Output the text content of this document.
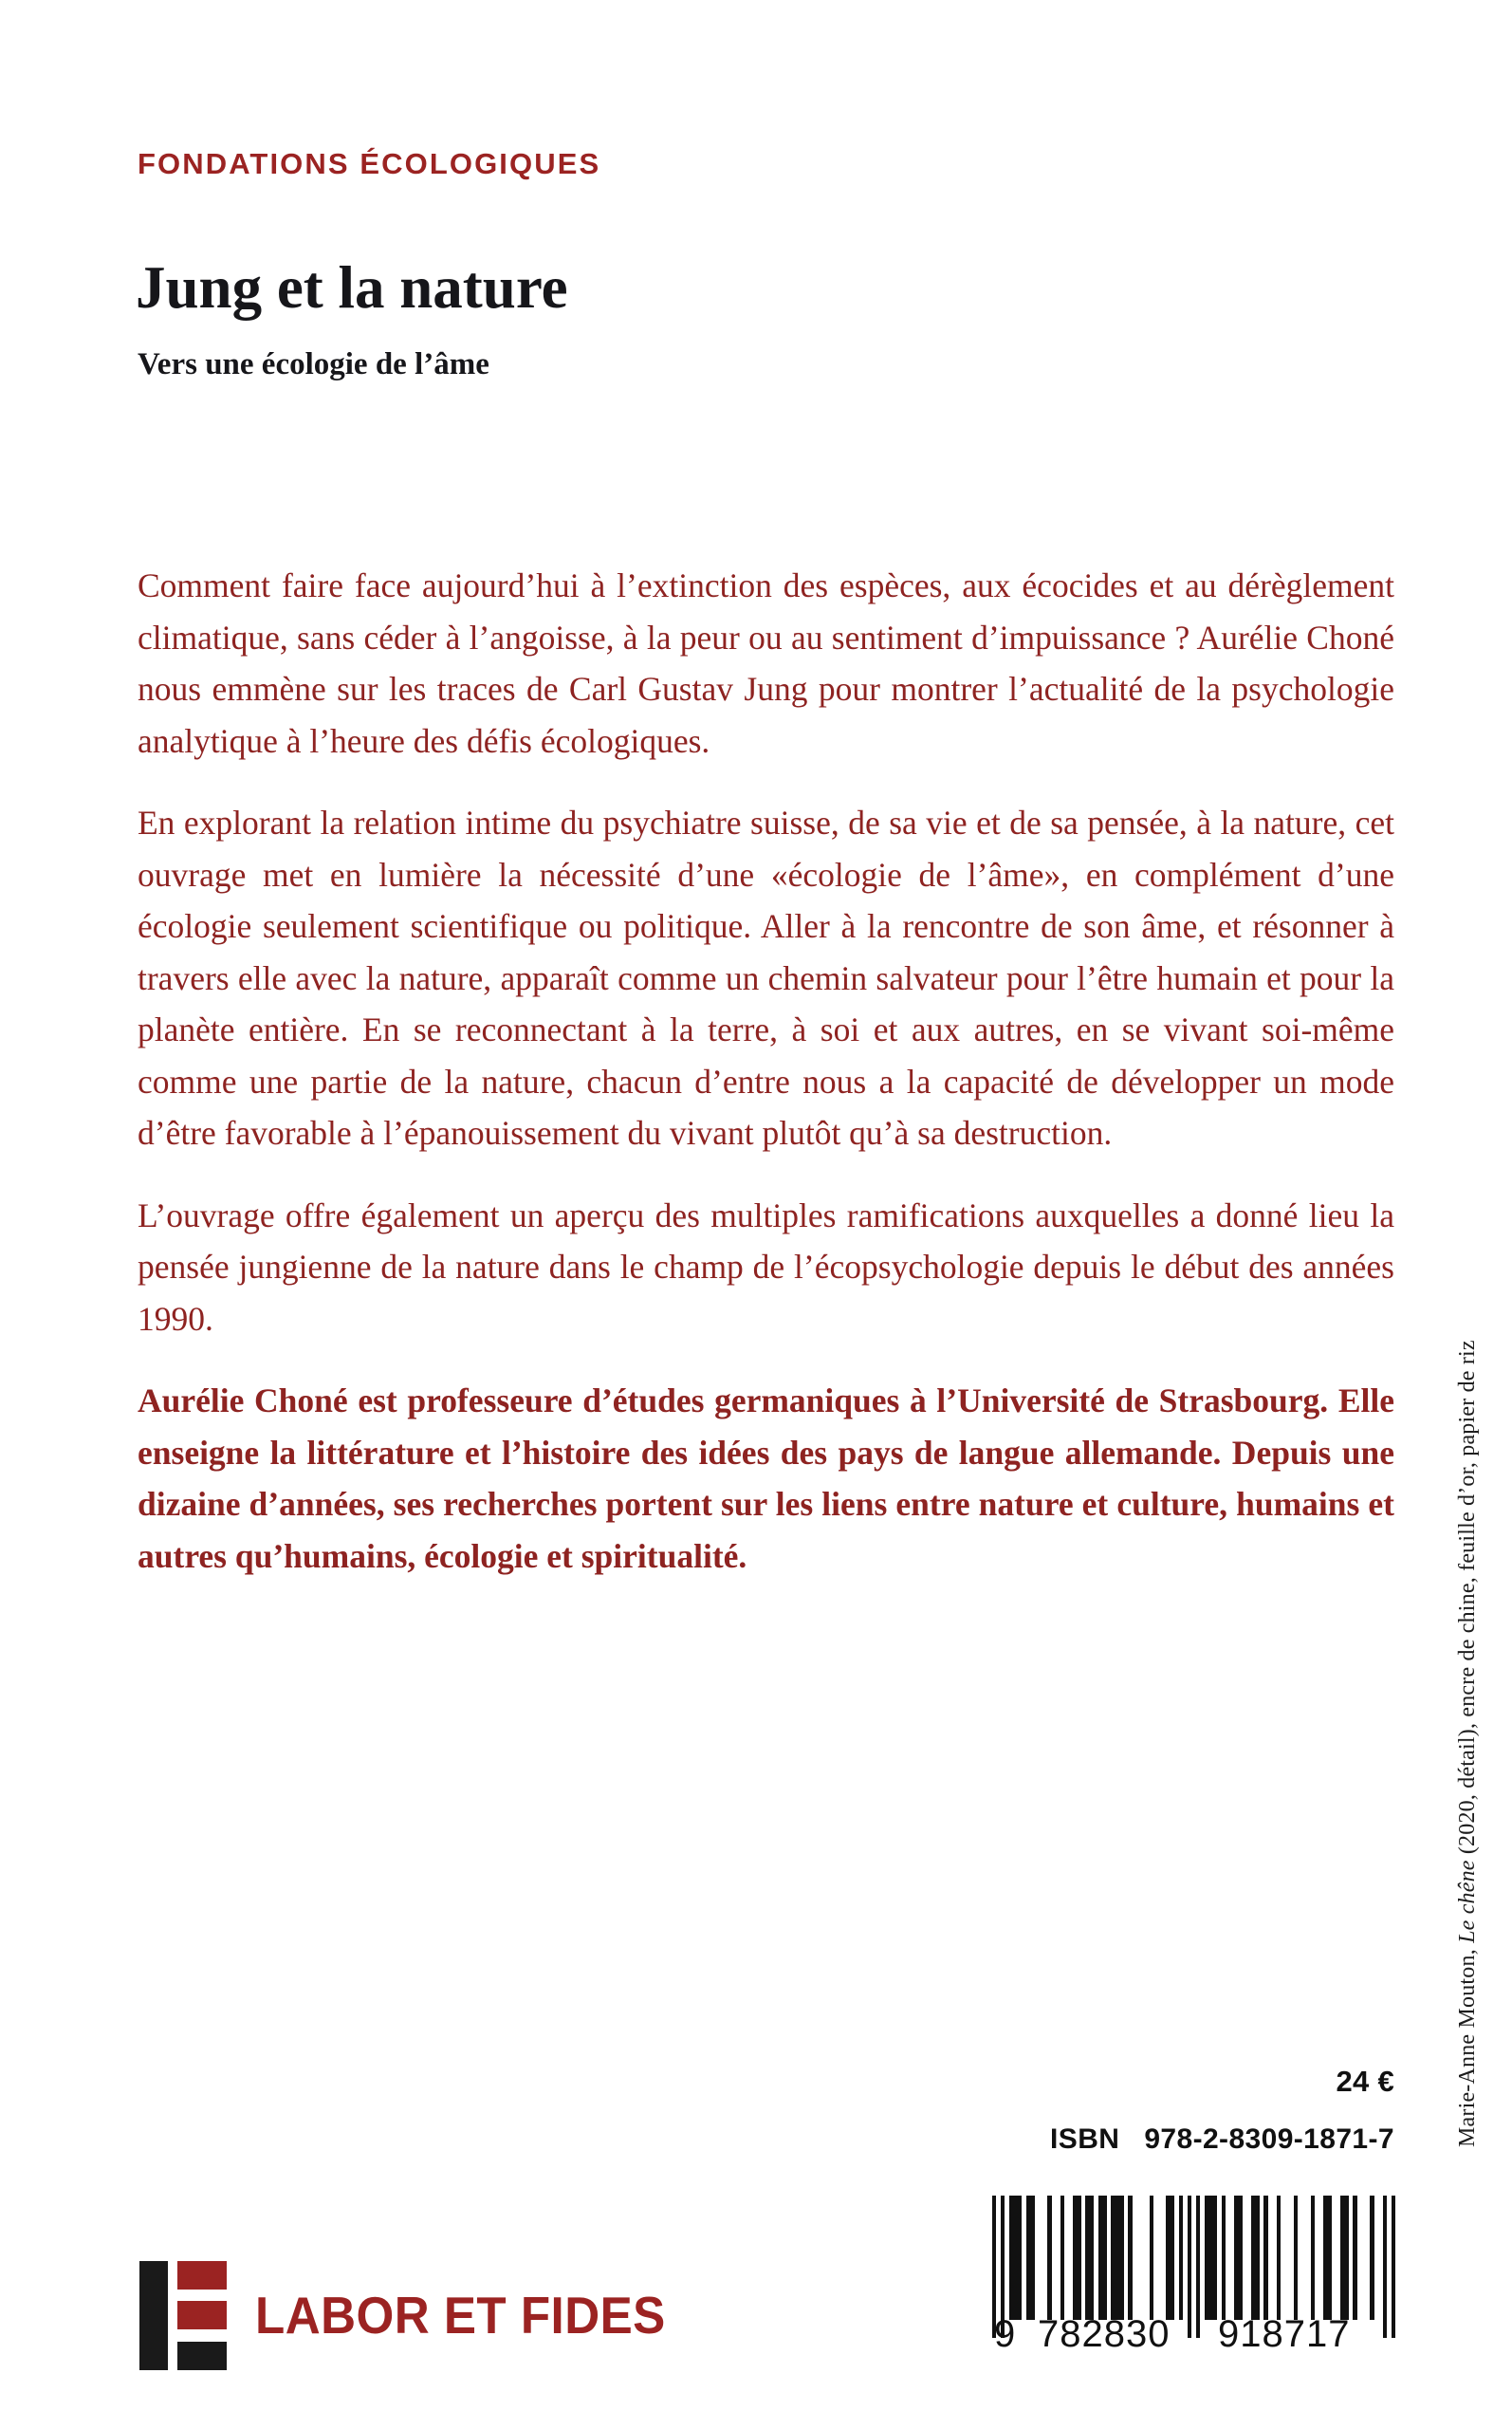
FONDATIONS ÉCOLOGIQUES
Jung et la nature
Vers une écologie de l’âme

Comment faire face aujourd’hui à l’extinction des espèces, aux écocides et au dérèglement climatique, sans céder à l’angoisse, à la peur ou au sentiment d’impuissance ? Aurélie Choné nous emmène sur les traces de Carl Gustav Jung pour montrer l’actualité de la psychologie analytique à l’heure des défis écologiques.

En explorant la relation intime du psychiatre suisse, de sa vie et de sa pensée, à la nature, cet ouvrage met en lumière la nécessité d’une «écologie de l’âme», en complément d’une écologie seulement scientifique ou politique. Aller à la rencontre de son âme, et résonner à travers elle avec la nature, apparaît comme un chemin salvateur pour l’être humain et pour la planète entière. En se reconnectant à la terre, à soi et aux autres, en se vivant soi-même comme une partie de la nature, chacun d’entre nous a la capacité de développer un mode d’être favorable à l’épanouissement du vivant plutôt qu’à sa destruction.

L’ouvrage offre également un aperçu des multiples ramifications auxquelles a donné lieu la pensée jungienne de la nature dans le champ de l’écopsychologie depuis le début des années 1990.

Aurélie Choné est professeure d’études germaniques à l’Université de Strasbourg. Elle enseigne la littérature et l’histoire des idées des pays de langue allemande. Depuis une dizaine d’années, ses recherches portent sur les liens entre nature et culture, humains et autres qu’humains, écologie et spiritualité.

Marie-Anne Mouton, Le chêne (2020, détail), encre de chine, feuille d’or, papier de riz
24 €
ISBN 978-2-8309-1871-7
9 782830 918717
LABOR ET FIDES
